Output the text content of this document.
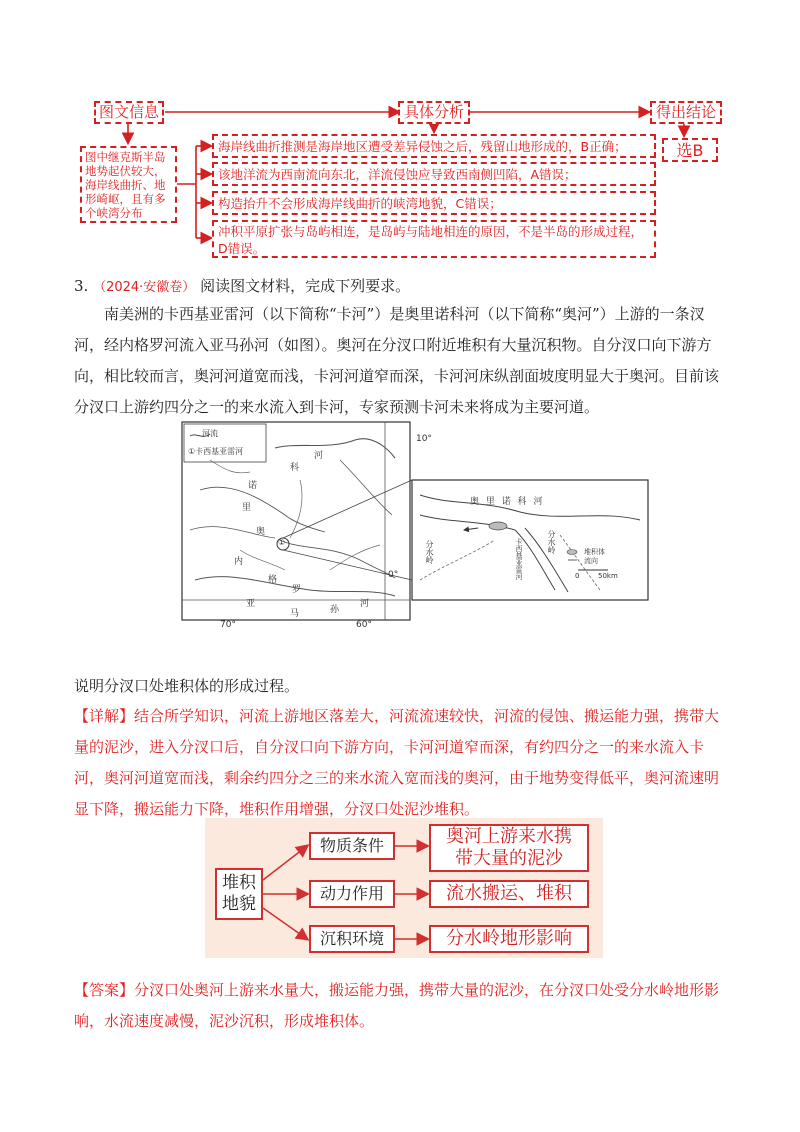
图文信息	具体分析	得出结论
图中继克斯半岛地势起伏较大，海岸线曲折、地形崎岖，且有多个峡湾分布
海岸线曲折推测是海岸地区遭受差异侵蚀之后，残留山地形成的，B正确；
该地洋流为西南流向东北，洋流侵蚀应导致西南侧凹陷，A错误；
构造抬升不会形成海岸线曲折的峡湾地貌，C错误；
冲积平原扩张与岛屿相连，是岛屿与陆地相连的原因，不是半岛的形成过程，D错误。
选B
3. （2024·安徽卷） 阅读图文材料，完成下列要求。
南美洲的卡西基亚雷河（以下简称“卡河”）是奥里诺科河（以下简称“奥河”）上游的一条汊河，经内格罗河流入亚马孙河（如图）。奥河在分汊口附近堆积有大量沉积物。自分汊口向下游方向，相比较而言，奥河河道宽而浅，卡河河道窄而深，卡河河床纵剖面坡度明显大于奥河。目前该分汊口上游约四分之一的来水流入到卡河，专家预测卡河未来将成为主要河道。
河流
①卡西基亚雷河
10°
0°
70°	60°
科
河
诺
里
奥
①
内
格
罗
亚
马	孙
河
奥 里 诺 科 河
分水岭	分水岭
卡西基亚雷河	堆积体
流向
0	50km
说明分汊口处堆积体的形成过程。
【详解】结合所学知识，河流上游地区落差大，河流流速较快，河流的侵蚀、搬运能力强，携带大量的泥沙，进入分汊口后，自分汊口向下游方向，卡河河道窄而深，有约四分之一的来水流入卡河，奥河河道宽而浅，剩余约四分之三的来水流入宽而浅的奥河，由于地势变得低平，奥河流速明显下降，搬运能力下降，堆积作用增强，分汊口处泥沙堆积。
堆积地貌
物质条件
动力作用
沉积环境
奥河上游来水携带大量的泥沙
流水搬运、堆积
分水岭地形影响
【答案】分汊口处奥河上游来水量大，搬运能力强，携带大量的泥沙，在分汊口处受分水岭地形影响，水流速度减慢，泥沙沉积，形成堆积体。
